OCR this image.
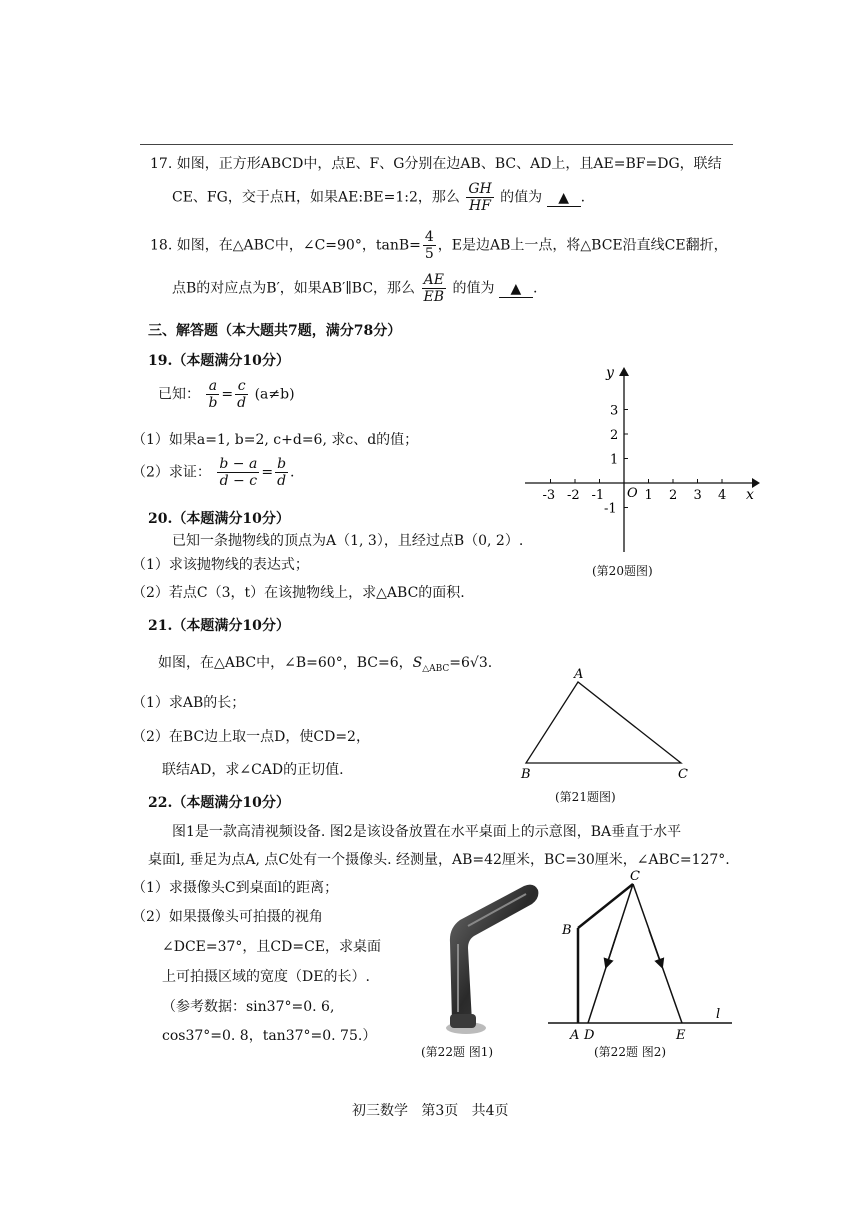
17. 如图，正方形ABCD中，点E、F、G分别在边AB、BC、AD上，且AE=BF=DG，联结
CE、FG，交于点H，如果AE:BE=1:2，那么 $\frac{GH}{HF}$ 的值为 ▲ .
18. 如图，在△ABC中，∠C=90°，$\tan B= \frac{4}{5}$ ，E是边AB上一点，将△BCE沿直线CE翻折，
点B的对应点为B′，如果AB′∥BC，那么 $\frac{AE}{EB}$ 的值为 ▲ .
三、解答题（本大题共7题，满分78分）
19.（本题满分10分）
已知： $\frac{a}{b} = \frac{c}{d} (a\ne b)$
（1）如果a=1, b=2, c+d=6, 求c、d的值；
（2）求证： $\frac{b - a}{d - c} = \frac{b}{d}$ .
20.（本题满分10分）
已知一条抛物线的顶点为A（1, 3），且经过点B（0, 2）.
（1）求该抛物线的表达式；
（2）若点C（3，t）在该抛物线上，求△ABC的面积.
x
y
O
-3 -2 -1	1 2 3 4
3
2
1
-1
(第20题图)
21.（本题满分10分）
如图，在△ABC中，∠B=60°，BC=6，$S_{\triangle ABC}=6√3$.
（1）求AB的长；
（2）在BC边上取一点D，使CD=2，
联结AD，求∠CAD的正切值.
A
B	C
(第21题图)
22.（本题满分10分）
图1是一款高清视频设备. 图2是该设备放置在水平桌面上的示意图，BA垂直于水平
桌面l, 垂足为点A, 点C处有一个摄像头. 经测量，AB=42厘米，BC=30厘米，∠ABC=127°.
（1）求摄像头C到桌面l的距离；
（2）如果摄像头可拍摄的视角
∠DCE=37°，且CD=CE，求桌面
上可拍摄区域的宽度（DE的长）.
（参考数据：sin37°=0. 6,
cos37°=0. 8，tan37°=0. 75.）
(第22题 图1)
B
C
A D	E
l
(第22题 图2)
初三数学 第3页 共4页
